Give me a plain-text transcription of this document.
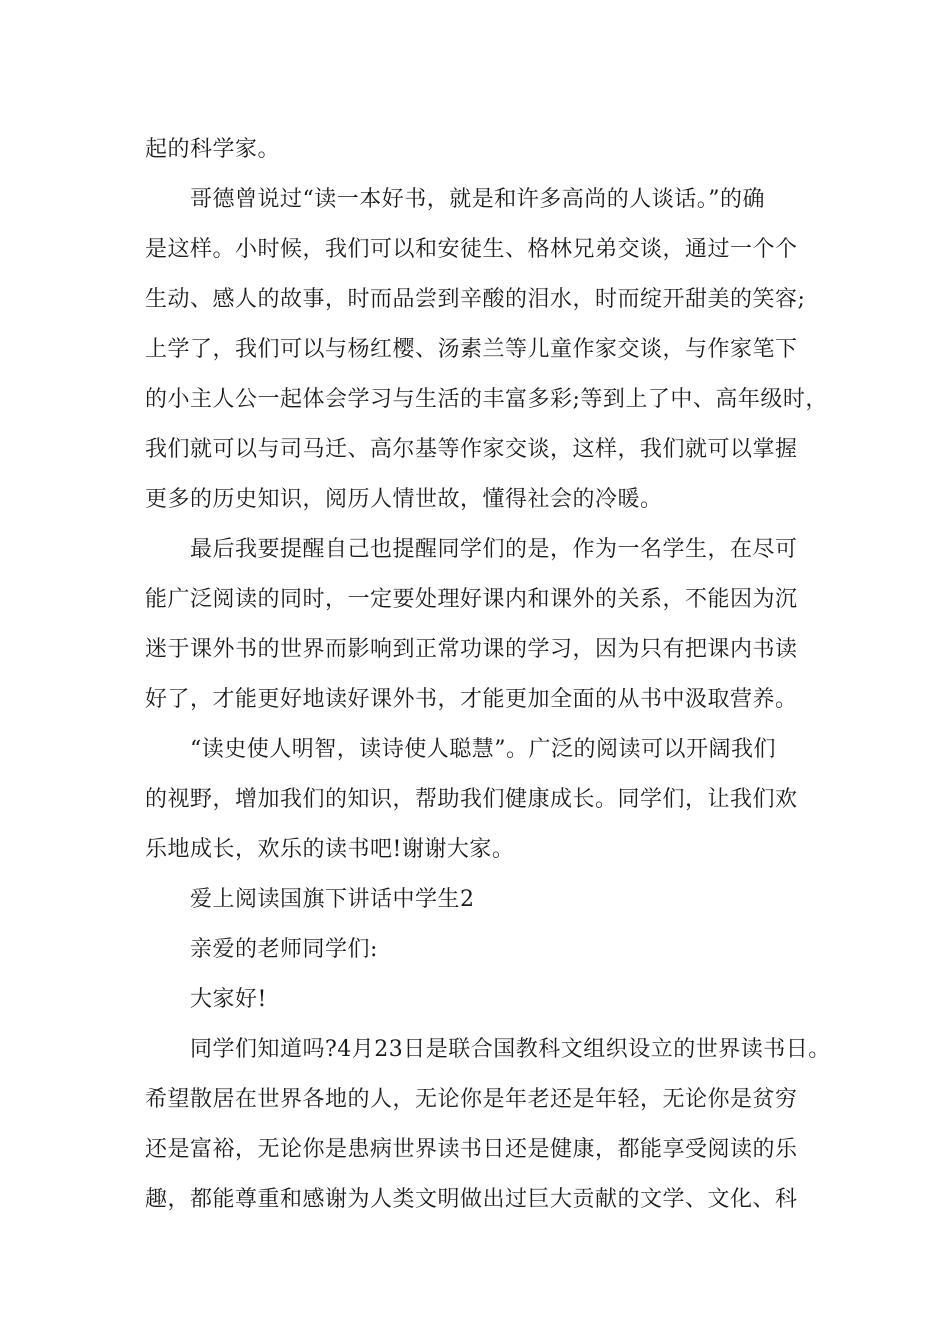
起的科学家。
哥德曾说过“读一本好书，就是和许多高尚的人谈话。”的确
是这样。小时候，我们可以和安徒生、格林兄弟交谈，通过一个个
生动、感人的故事，时而品尝到辛酸的泪水，时而绽开甜美的笑容;
上学了，我们可以与杨红樱、汤素兰等儿童作家交谈，与作家笔下
的小主人公一起体会学习与生活的丰富多彩;等到上了中、高年级时，
我们就可以与司马迁、高尔基等作家交谈，这样，我们就可以掌握
更多的历史知识，阅历人情世故，懂得社会的冷暖。
最后我要提醒自己也提醒同学们的是，作为一名学生，在尽可
能广泛阅读的同时，一定要处理好课内和课外的关系，不能因为沉
迷于课外书的世界而影响到正常功课的学习，因为只有把课内书读
好了，才能更好地读好课外书，才能更加全面的从书中汲取营养。
“读史使人明智，读诗使人聪慧”。广泛的阅读可以开阔我们
的视野，增加我们的知识，帮助我们健康成长。同学们，让我们欢
乐地成长，欢乐的读书吧!谢谢大家。
爱上阅读国旗下讲话中学生2
亲爱的老师同学们:
大家好!
同学们知道吗?4月23日是联合国教科文组织设立的世界读书日。
希望散居在世界各地的人，无论你是年老还是年轻，无论你是贫穷
还是富裕，无论你是患病世界读书日还是健康，都能享受阅读的乐
趣，都能尊重和感谢为人类文明做出过巨大贡献的文学、文化、科
